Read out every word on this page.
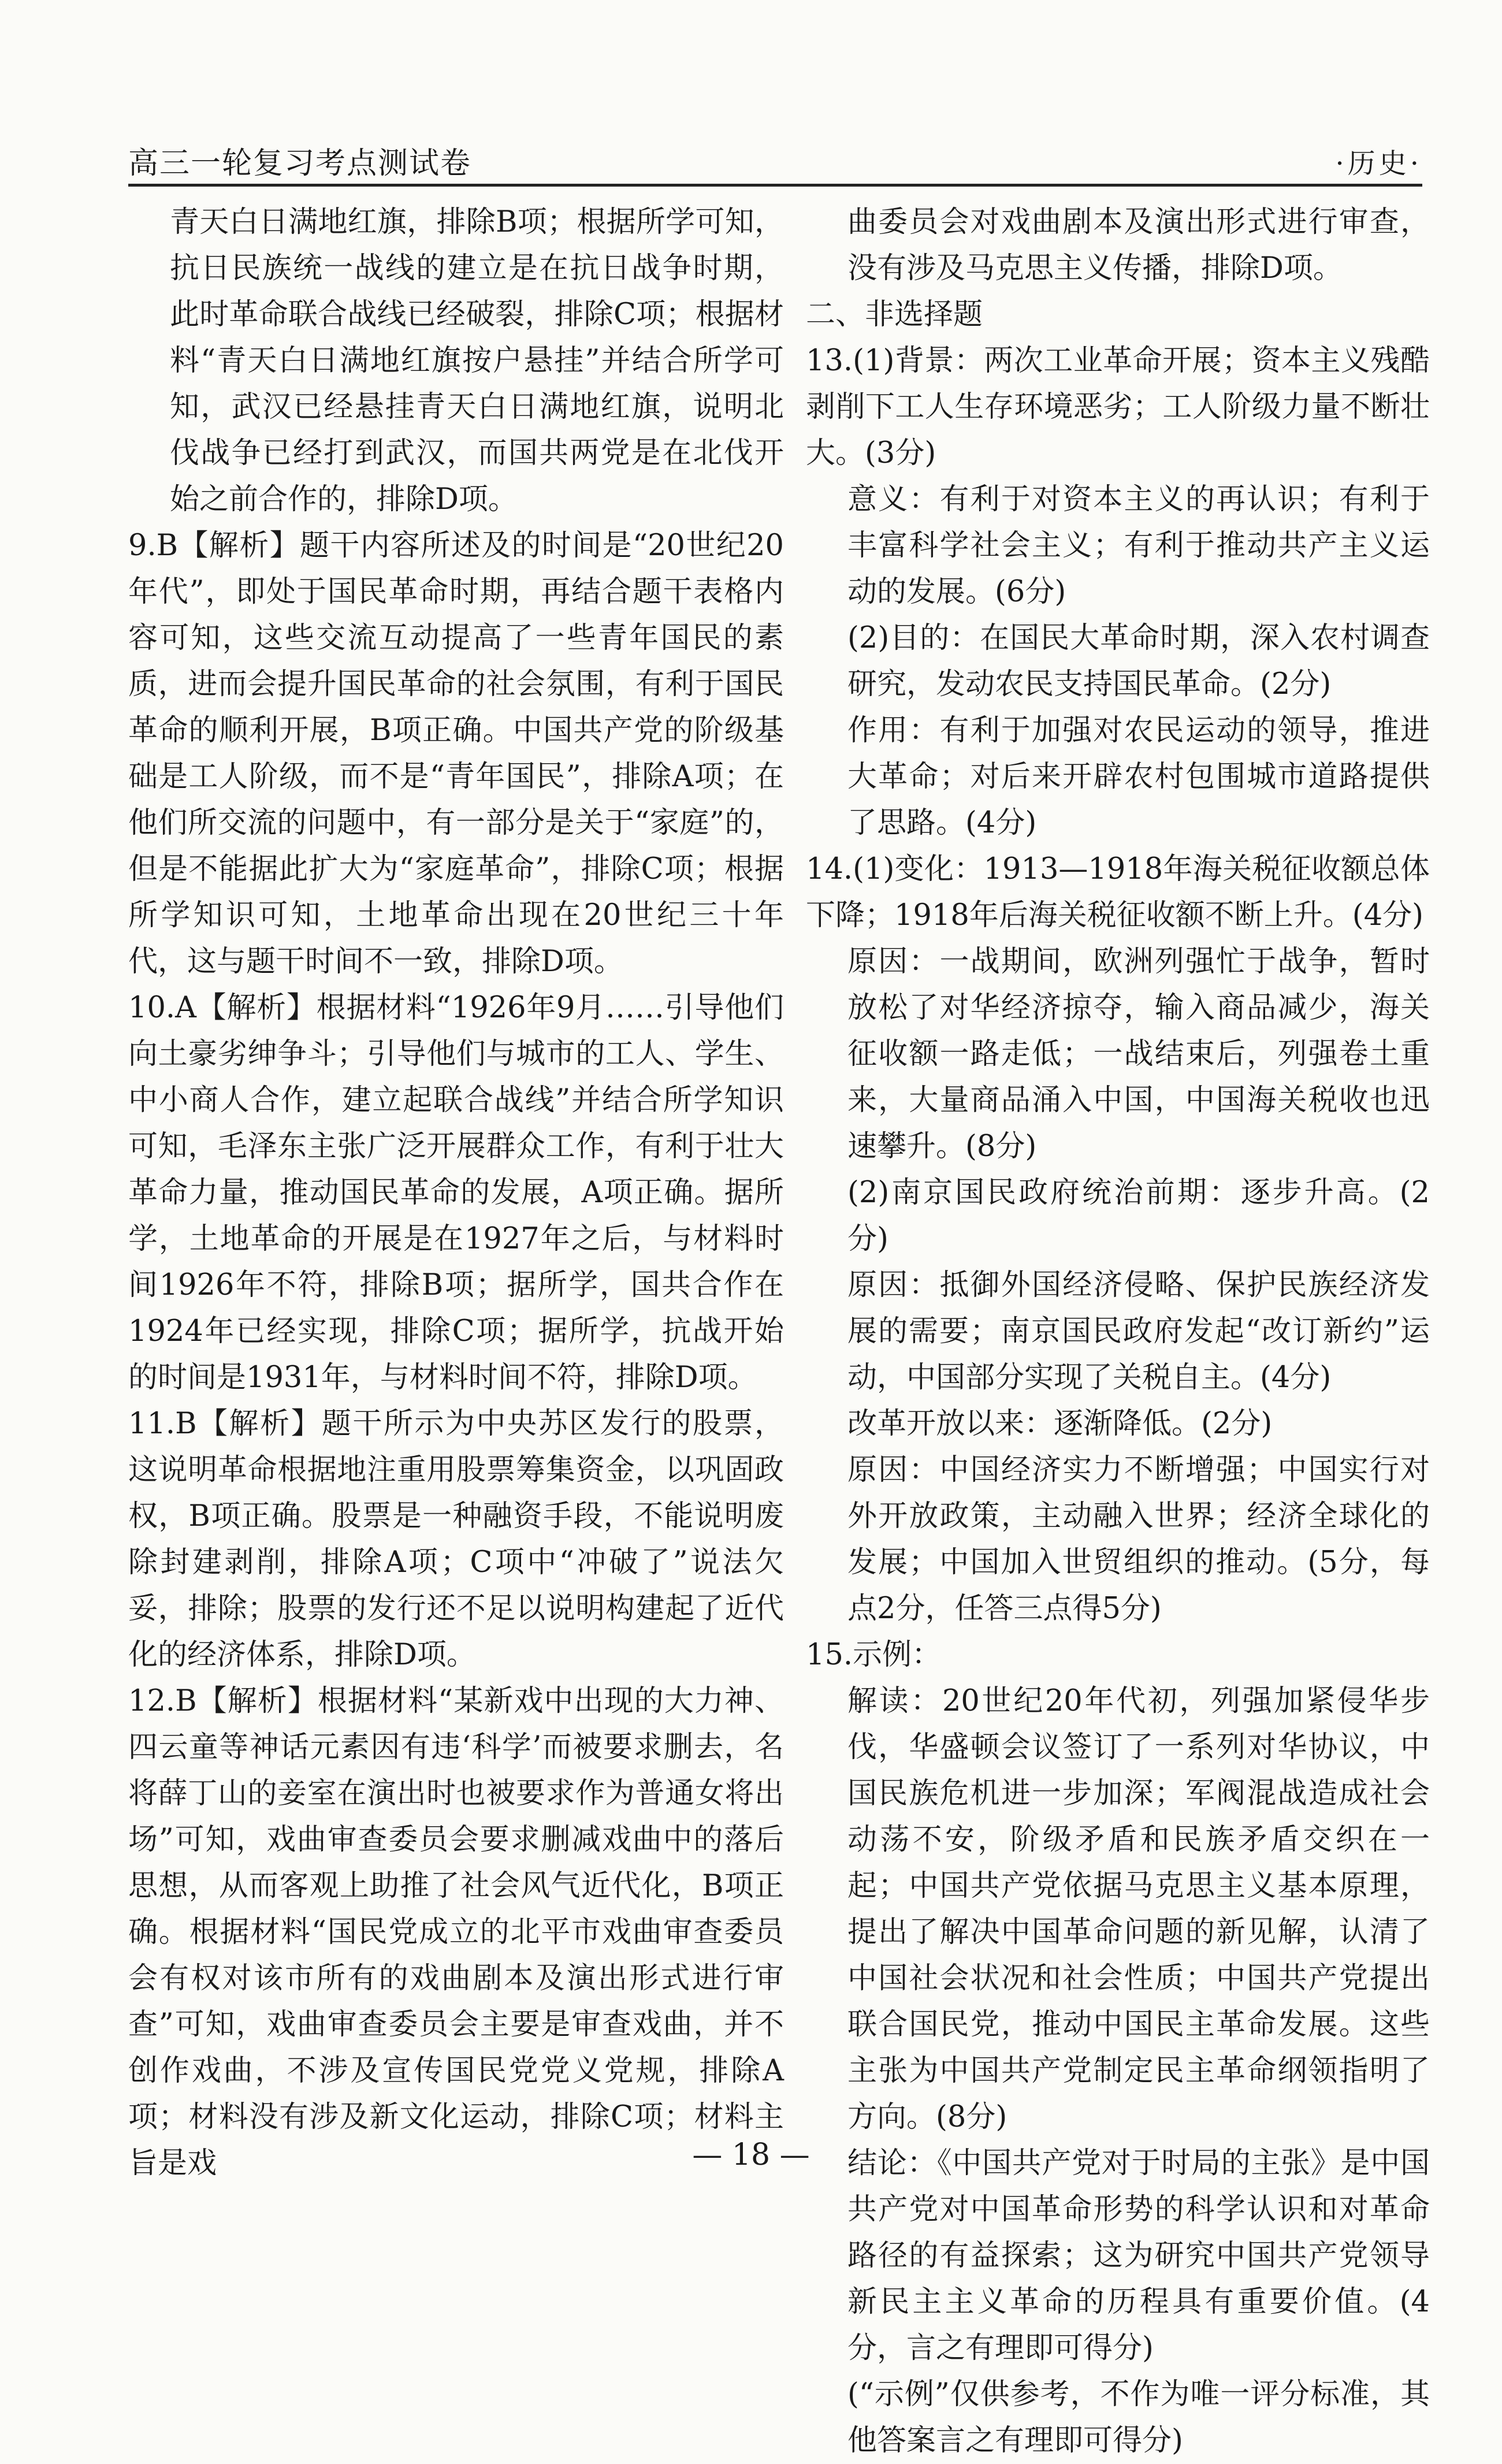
高三一轮复习考点测试卷	·历史·

青天白日满地红旗，排除B项；根据所学可知，抗日民族统一战线的建立是在抗日战争时期，此时革命联合战线已经破裂，排除C项；根据材料“青天白日满地红旗按户悬挂”并结合所学可知，武汉已经悬挂青天白日满地红旗，说明北伐战争已经打到武汉，而国共两党是在北伐开始之前合作的，排除D项。

9.B【解析】题干内容所述及的时间是“20世纪20年代”，即处于国民革命时期，再结合题干表格内容可知，这些交流互动提高了一些青年国民的素质，进而会提升国民革命的社会氛围，有利于国民革命的顺利开展，B项正确。中国共产党的阶级基础是工人阶级，而不是“青年国民”，排除A项；在他们所交流的问题中，有一部分是关于“家庭”的，但是不能据此扩大为“家庭革命”，排除C项；根据所学知识可知，土地革命出现在20世纪三十年代，这与题干时间不一致，排除D项。

10.A【解析】根据材料“1926年9月……引导他们向土豪劣绅争斗；引导他们与城市的工人、学生、中小商人合作，建立起联合战线”并结合所学知识可知，毛泽东主张广泛开展群众工作，有利于壮大革命力量，推动国民革命的发展，A项正确。据所学，土地革命的开展是在1927年之后，与材料时间1926年不符，排除B项；据所学，国共合作在1924年已经实现，排除C项；据所学，抗战开始的时间是1931年，与材料时间不符，排除D项。

11.B【解析】题干所示为中央苏区发行的股票，这说明革命根据地注重用股票筹集资金，以巩固政权，B项正确。股票是一种融资手段，不能说明废除封建剥削，排除A项；C项中“冲破了”说法欠妥，排除；股票的发行还不足以说明构建起了近代化的经济体系，排除D项。

12.B【解析】根据材料“某新戏中出现的大力神、四云童等神话元素因有违‘科学’而被要求删去，名将薛丁山的妾室在演出时也被要求作为普通女将出场”可知，戏曲审查委员会要求删减戏曲中的落后思想，从而客观上助推了社会风气近代化，B项正确。根据材料“国民党成立的北平市戏曲审查委员会有权对该市所有的戏曲剧本及演出形式进行审查”可知，戏曲审查委员会主要是审查戏曲，并不创作戏曲，不涉及宣传国民党党义党规，排除A项；材料没有涉及新文化运动，排除C项；材料主旨是戏

曲委员会对戏曲剧本及演出形式进行审查，没有涉及马克思主义传播，排除D项。

二、非选择题

13.(1)背景：两次工业革命开展；资本主义残酷剥削下工人生存环境恶劣；工人阶级力量不断壮大。(3分)

意义：有利于对资本主义的再认识；有利于丰富科学社会主义；有利于推动共产主义运动的发展。(6分)

(2)目的：在国民大革命时期，深入农村调查研究，发动农民支持国民革命。(2分)

作用：有利于加强对农民运动的领导，推进大革命；对后来开辟农村包围城市道路提供了思路。(4分)

14.(1)变化：1913—1918年海关税征收额总体下降；1918年后海关税征收额不断上升。(4分)

原因：一战期间，欧洲列强忙于战争，暂时放松了对华经济掠夺，输入商品减少，海关征收额一路走低；一战结束后，列强卷土重来，大量商品涌入中国，中国海关税收也迅速攀升。(8分)

(2)南京国民政府统治前期：逐步升高。(2分)

原因：抵御外国经济侵略、保护民族经济发展的需要；南京国民政府发起“改订新约”运动，中国部分实现了关税自主。(4分)

改革开放以来：逐渐降低。(2分)

原因：中国经济实力不断增强；中国实行对外开放政策，主动融入世界；经济全球化的发展；中国加入世贸组织的推动。(5分，每点2分，任答三点得5分)

15.示例：

解读：20世纪20年代初，列强加紧侵华步伐，华盛顿会议签订了一系列对华协议，中国民族危机进一步加深；军阀混战造成社会动荡不安，阶级矛盾和民族矛盾交织在一起；中国共产党依据马克思主义基本原理，提出了解决中国革命问题的新见解，认清了中国社会状况和社会性质；中国共产党提出联合国民党，推动中国民主革命发展。这些主张为中国共产党制定民主革命纲领指明了方向。(8分)

结论：《中国共产党对于时局的主张》是中国共产党对中国革命形势的科学认识和对革命路径的有益探索；这为研究中国共产党领导新民主主义革命的历程具有重要价值。(4分，言之有理即可得分)

(“示例”仅供参考，不作为唯一评分标准，其他答案言之有理即可得分)

— 18 —
